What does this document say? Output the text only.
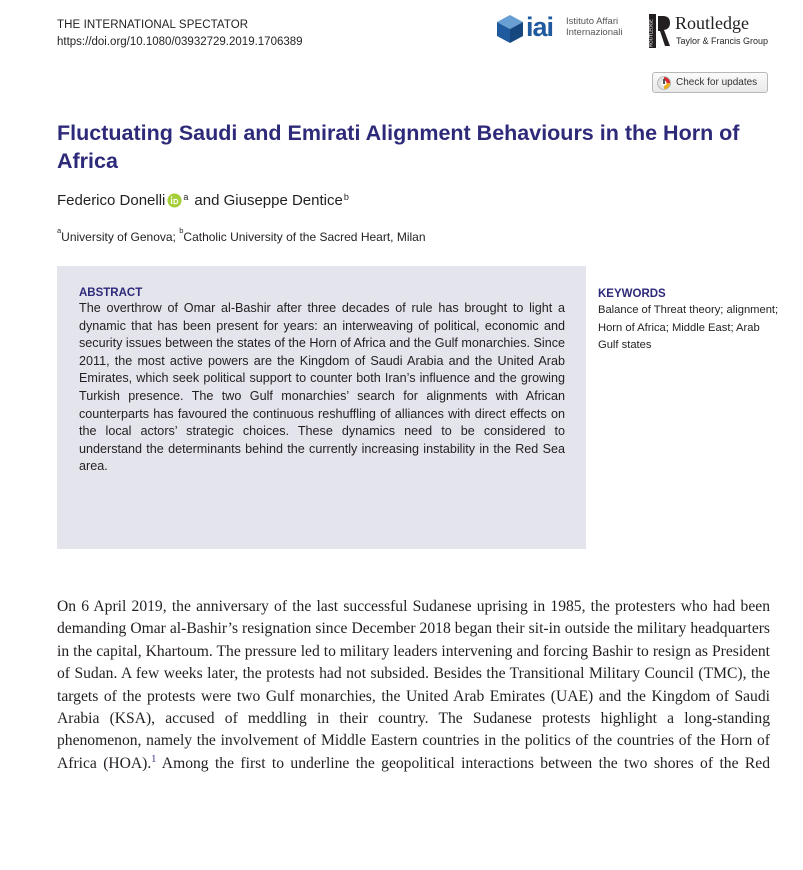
THE INTERNATIONAL SPECTATOR
https://doi.org/10.1080/03932729.2019.1706389	iai Istituto Affari
Internazionali	ROUTLEDGE Routledge
Taylor & Francis Group
Check for updates
Fluctuating Saudi and Emirati Alignment Behaviours in the Horn of Africa
Federico Donelli $^a$ and Giuseppe Dentice$^b$
$^a$University of Genova; $^b$Catholic University of the Sacred Heart, Milan

ABSTRACT

The overthrow of Omar al-Bashir after three decades of rule has brought to light a dynamic that has been present for years: an interweaving of political, economic and security issues between the states of the Horn of Africa and the Gulf monarchies. Since 2011, the most active powers are the Kingdom of Saudi Arabia and the United Arab Emirates, which seek political support to counter both Iran’s influence and the growing Turkish presence. The two Gulf monarchies’ search for alignments with African counterparts has favoured the continuous reshuffling of alliances with direct effects on the local actors’ strategic choices. These dynamics need to be considered to understand the determinants behind the currently increasing instability in the Red Sea area.

KEYWORDS

Balance of Threat theory; alignment; Horn of Africa; Middle East; Arab Gulf states

On 6 April 2019, the anniversary of the last successful Sudanese uprising in 1985, the protesters who had been demanding Omar al-Bashir’s resignation since December 2018 began their sit-in outside the military headquarters in the capital, Khartoum. The pressure led to military leaders intervening and forcing Bashir to resign as President of Sudan. A few weeks later, the protests had not subsided. Besides the Transitional Military Council (TMC), the targets of the protests were two Gulf monarchies, the United Arab Emirates (UAE) and the Kingdom of Saudi Arabia (KSA), accused of meddling in their country. The Sudanese protests highlight a long-standing phenomenon, namely the involvement of Middle Eastern countries in the politics of the countries of the Horn of Africa (HOA).$^1$ Among the first to underline the geopolitical interactions between the two shores of the Red
